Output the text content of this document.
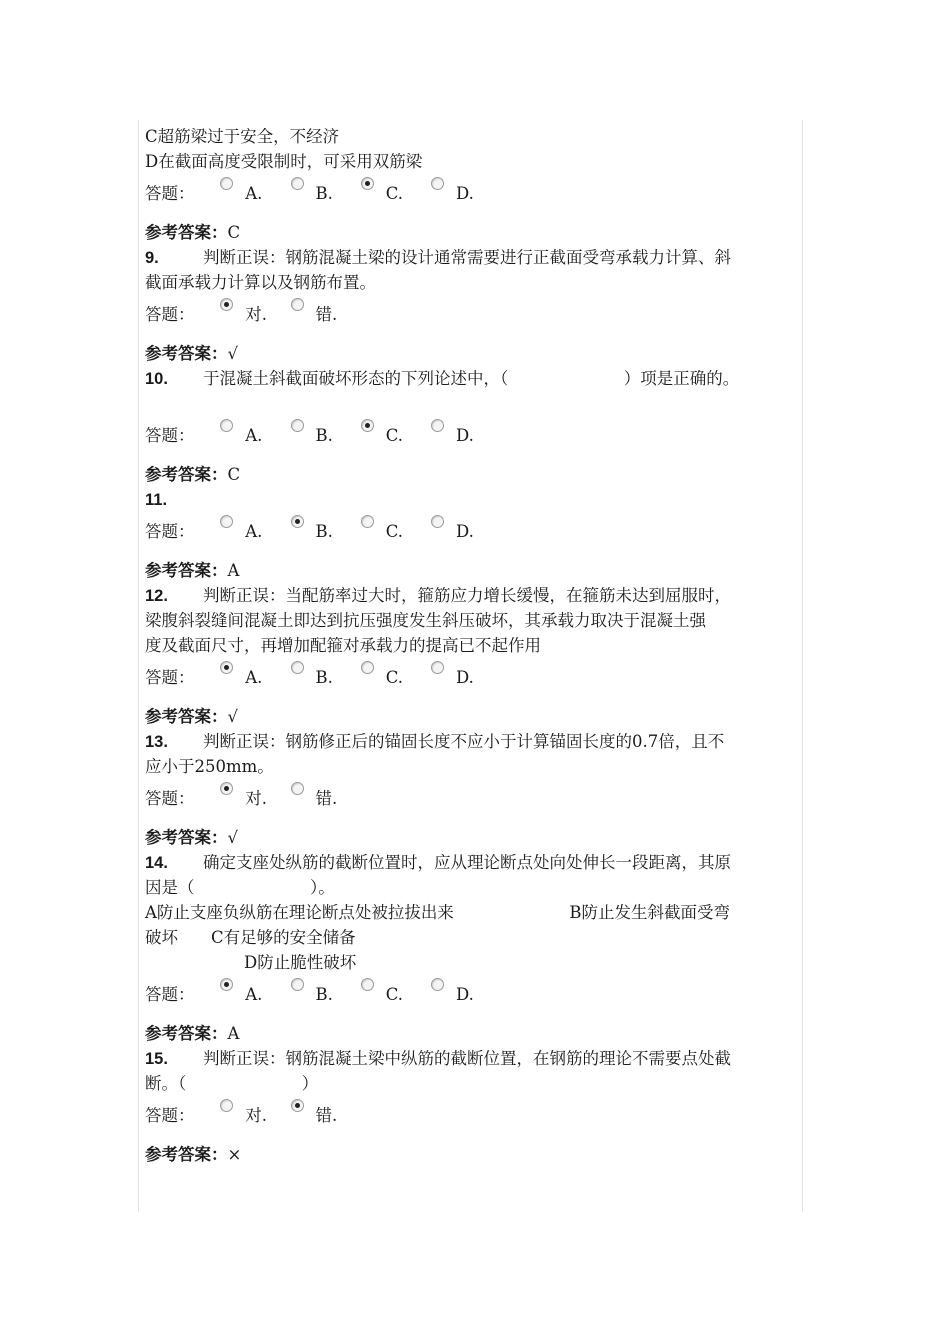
C超筋梁过于安全，不经济
D在截面高度受限制时，可采用双筋梁
答题：	A.	B.	C.	D.
参考答案：C
9.	判断正误：钢筋混凝土梁的设计通常需要进行正截面受弯承载力计算、斜
截面承载力计算以及钢筋布置。
答题：	对.	错.
参考答案：√
10. 于混凝土斜截面破坏形态的下列论述中，（　　　　　　　）项是正确的。
答题：	A.	B.	C.	D.
参考答案：C
11.
答题：	A.	B.	C.	D.
参考答案：A
12. 判断正误：当配筋率过大时，箍筋应力增长缓慢，在箍筋未达到屈服时，
梁腹斜裂缝间混凝土即达到抗压强度发生斜压破坏，其承载力取决于混凝土强
度及截面尺寸，再增加配箍对承载力的提高已不起作用
答题：	A.	B.	C.	D.
参考答案：√
13. 判断正误：钢筋修正后的锚固长度不应小于计算锚固长度的0.7倍，且不
应小于250mm。
答题：	对.	错.
参考答案：√
14. 确定支座处纵筋的截断位置时，应从理论断点处向处伸长一段距离，其原
因是（　　　　　　　）。
A防止支座负纵筋在理论断点处被拉拔出来　　　　　　　B防止发生斜截面受弯
破坏　　C有足够的安全储备
　　　　　　D防止脆性破坏
答题：	A.	B.	C.	D.
参考答案：A
15. 判断正误：钢筋混凝土梁中纵筋的截断位置，在钢筋的理论不需要点处截
断。（　　　　　　　）
答题：	对.	错.
参考答案：×
